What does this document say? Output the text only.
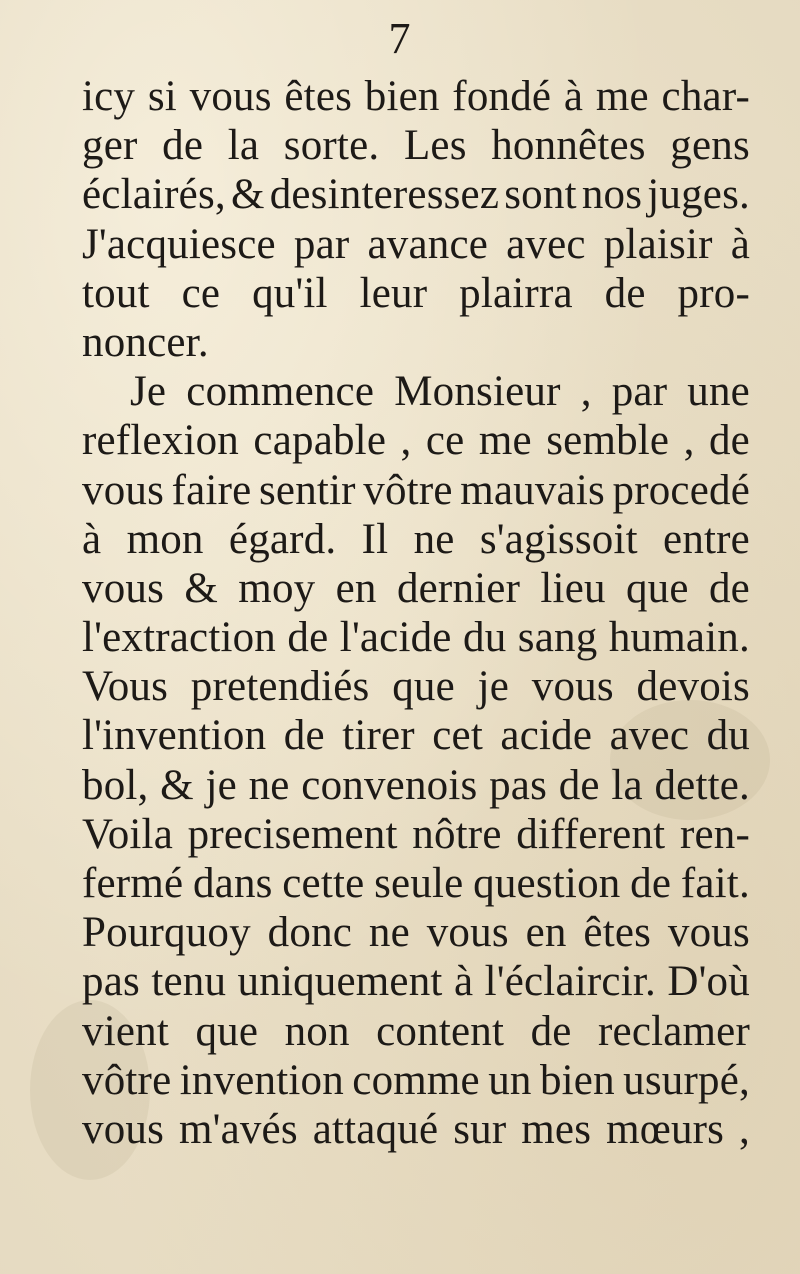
7
icy si vous êtes bien fondé à me char-
ger de la sorte. Les honnêtes gens
éclairés, & desinteressez sont nos juges.
J'acquiesce par avance avec plaisir à
tout ce qu'il leur plairra de pro-
noncer.
Je commence Monsieur , par une
reflexion capable , ce me semble , de
vous faire sentir vôtre mauvais procedé
à mon égard. Il ne s'agissoit entre
vous & moy en dernier lieu que de
l'extraction de l'acide du sang humain.
Vous pretendiés que je vous devois
l'invention de tirer cet acide avec du
bol, & je ne convenois pas de la dette.
Voila precisement nôtre different ren-
fermé dans cette seule question de fait.
Pourquoy donc ne vous en êtes vous
pas tenu uniquement à l'éclaircir. D'où
vient que non content de reclamer
vôtre invention comme un bien usurpé,
vous m'avés attaqué sur mes mœurs ,
